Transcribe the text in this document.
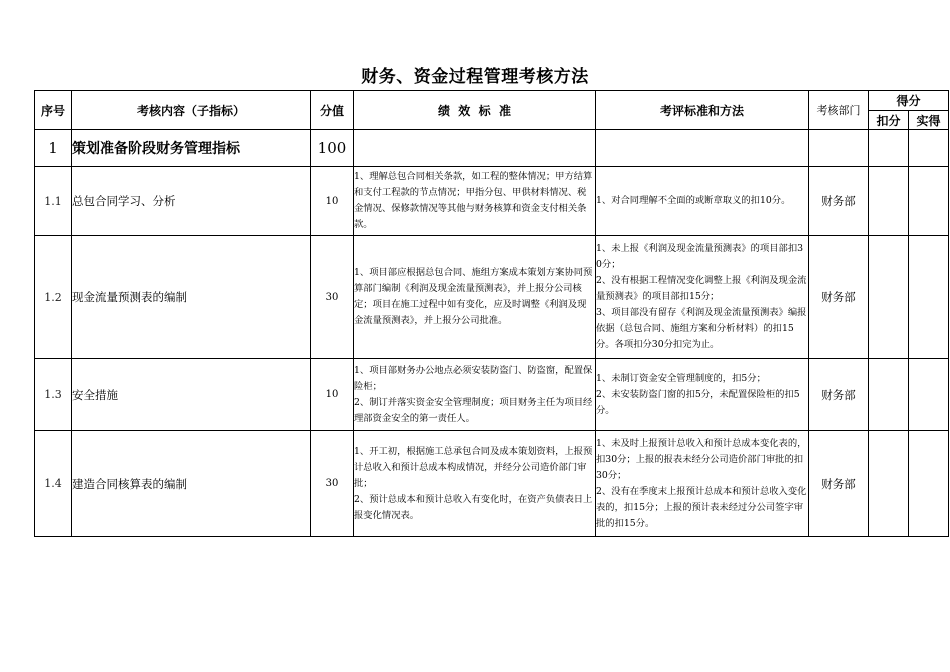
财务、资金过程管理考核方法
序号	考核内容（子指标）	分值	绩  效  标  准	考评标准和方法	考核部门	得分	
						扣分	实得
1	策划准备阶段财务管理指标	100					
1.1	总包合同学习、分析	10	1、理解总包合同相关条款，如工程的整体情况；甲方结算和支付工程款的节点情况；甲指分包、甲供材料情况、税金情况、保修款情况等其他与财务核算和资金支付相关条款。	1、对合同理解不全面的或断章取义的扣10分。	财务部		
1.2	现金流量预测表的编制	30	1、项目部应根据总包合同、施组方案成本策划方案协同预算部门编制《利润及现金流量预测表》，并上报分公司核定；项目在施工过程中如有变化，应及时调整《利润及现金流量预测表》，并上报分公司批准。	1、未上报《利润及现金流量预测表》的项目部扣30分；
2、没有根据工程情况变化调整上报《利润及现金流量预测表》的项目部扣15分；
3、项目部没有留存《利润及现金流量预测表》编报依据（总包合同、施组方案和分析材料）的扣15分。各项扣分30分扣完为止。	财务部		
1.3	安全措施	10	1、项目部财务办公地点必须安装防盗门、防盗窗，配置保险柜；
2、制订并落实资金安全管理制度；项目财务主任为项目经理部资金安全的第一责任人。	1、未制订资金安全管理制度的，扣5分；
2、未安装防盗门窗的扣5分，未配置保险柜的扣5分。	财务部		
1.4	建造合同核算表的编制	30	1、开工初，根据施工总承包合同及成本策划资料，上报预计总收入和预计总成本构成情况，并经分公司造价部门审批；
2、预计总成本和预计总收入有变化时，在资产负债表日上报变化情况表。	1、未及时上报预计总收入和预计总成本变化表的，扣30分；上报的报表未经分公司造价部门审批的扣30分；
2、没有在季度末上报预计总成本和预计总收入变化表的，扣15分；上报的预计表未经过分公司签字审批的扣15分。	财务部		
